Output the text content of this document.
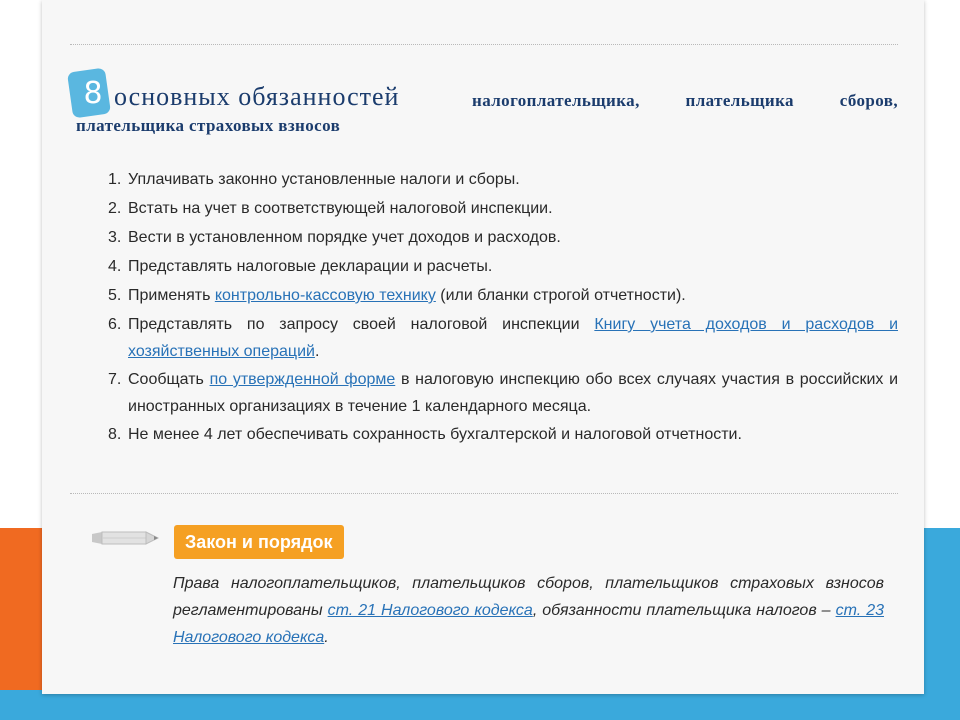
8 основных обязанностей	налогоплательщика, плательщика сборов,
плательщика страховых взносов
1. Уплачивать законно установленные налоги и сборы.
2. Встать на учет в соответствующей налоговой инспекции.
3. Вести в установленном порядке учет доходов и расходов.
4. Представлять налоговые декларации и расчеты.
5. Применять контрольно-кассовую технику (или бланки строгой отчетности).
6. Представлять по запросу своей налоговой инспекции Книгу учета доходов и расходов и хозяйственных операций.
7. Сообщать по утвержденной форме в налоговую инспекцию обо всех случаях участия в российских и иностранных организациях в течение 1 календарного месяца.
8. Не менее 4 лет обеспечивать сохранность бухгалтерской и налоговой отчетности.
Закон и порядок
Права налогоплательщиков, плательщиков сборов, плательщиков страховых взносов регламентированы ст. 21 Налогового кодекса, обязанности плательщика налогов – ст. 23 Налогового кодекса.
